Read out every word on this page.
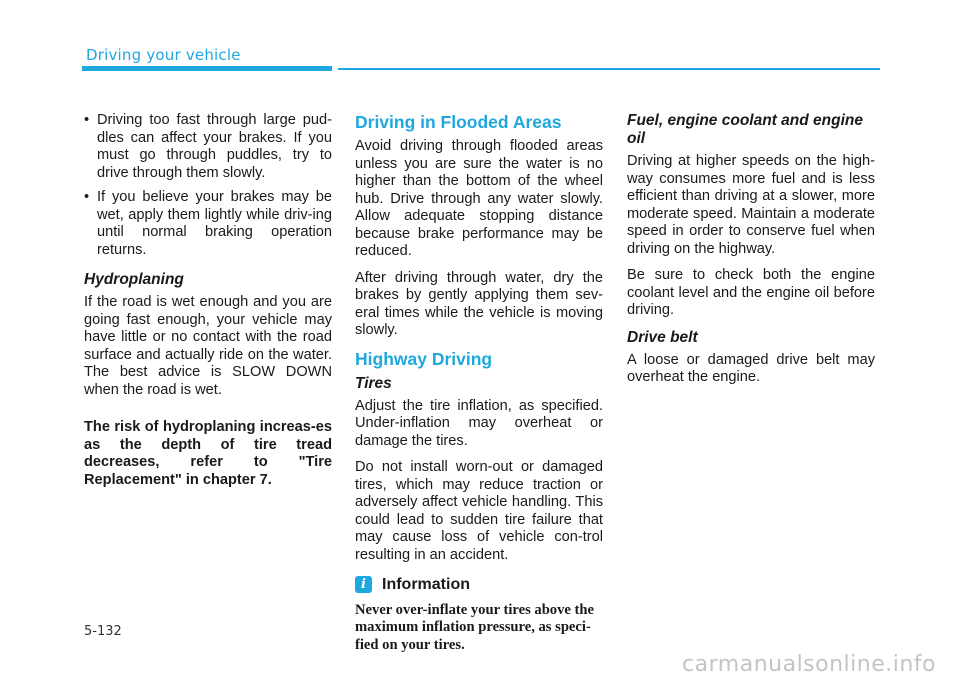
Driving your vehicle
• Driving too fast through large pud-dles can affect your brakes. If you must go through puddles, try to drive through them slowly.
• If you believe your brakes may be wet, apply them lightly while driv-ing until normal braking operation returns.
Hydroplaning

If the road is wet enough and you are going fast enough, your vehicle may have little or no contact with the road surface and actually ride on the water. The best advice is SLOW DOWN when the road is wet.

The risk of hydroplaning increas-es as the depth of tire tread decreases, refer to "Tire Replacement" in chapter 7.

Driving in Flooded Areas

Avoid driving through flooded areas unless you are sure the water is no higher than the bottom of the wheel hub. Drive through any water slowly. Allow adequate stopping distance because brake performance may be reduced.

After driving through water, dry the brakes by gently applying them sev-eral times while the vehicle is moving slowly.

Highway Driving
Tires

Adjust the tire inflation, as specified. Under-inflation may overheat or damage the tires.

Do not install worn-out or damaged tires, which may reduce traction or adversely affect vehicle handling. This could lead to sudden tire failure that may cause loss of vehicle con-trol resulting in an accident.

i	Information

Never over-inflate your tires above the maximum inflation pressure, as speci-fied on your tires.

Fuel, engine coolant and engine oil

Driving at higher speeds on the high-way consumes more fuel and is less efficient than driving at a slower, more moderate speed. Maintain a moderate speed in order to conserve fuel when driving on the highway.

Be sure to check both the engine coolant level and the engine oil before driving.

Drive belt

A loose or damaged drive belt may overheat the engine.

5-132
carmanualsonline.info
